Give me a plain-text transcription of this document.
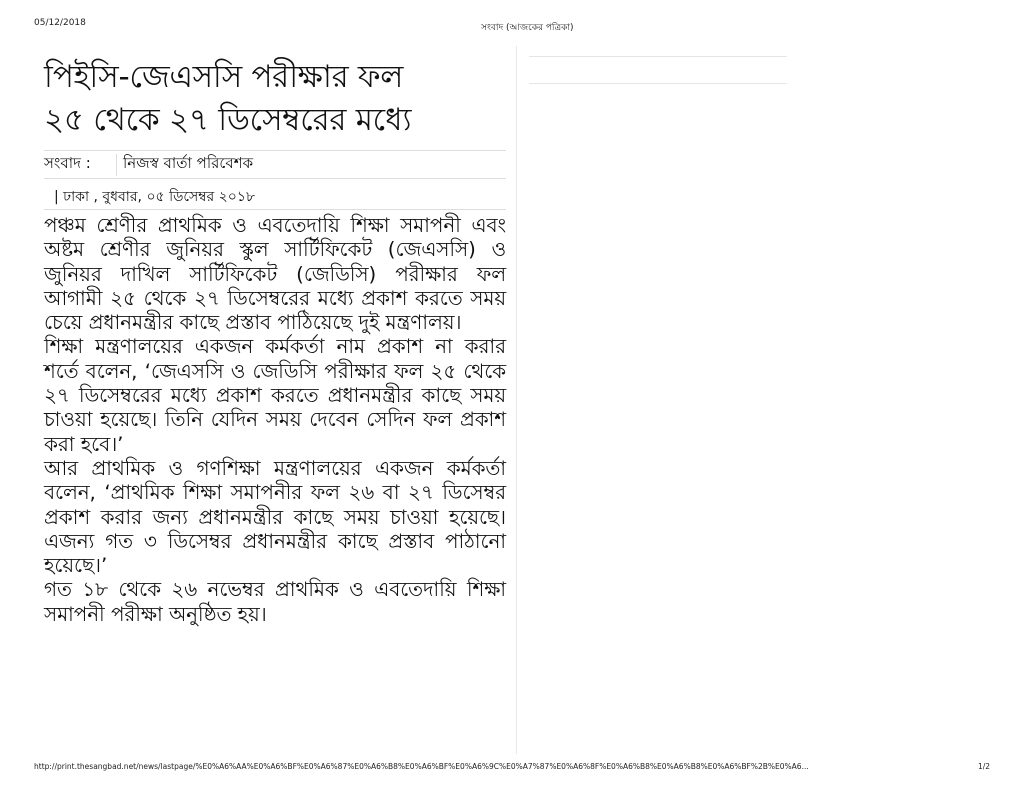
05/12/2018	সংবাদ (আজকের পত্রিকা)
পিইসি-জেএসসি পরীক্ষার ফল
২৫ থেকে ২৭ ডিসেম্বরের মধ্যে
সংবাদ :	নিজস্ব বার্তা পরিবেশক
| ঢাকা , বুধবার, ০৫ ডিসেম্বর ২০১৮

পঞ্চম শ্রেণীর প্রাথমিক ও এবতেদায়ি শিক্ষা সমাপনী এবং অষ্টম শ্রেণীর জুনিয়র স্কুল সার্টিফিকেট (জেএসসি) ও জুনিয়র দাখিল সার্টিফিকেট (জেডিসি) পরীক্ষার ফল আগামী ২৫ থেকে ২৭ ডিসেম্বরের মধ্যে প্রকাশ করতে সময় চেয়ে প্রধানমন্ত্রীর কাছে প্রস্তাব পাঠিয়েছে দুই মন্ত্রণালয়।

শিক্ষা মন্ত্রণালয়ের একজন কর্মকর্তা নাম প্রকাশ না করার শর্তে বলেন, ‘জেএসসি ও জেডিসি পরীক্ষার ফল ২৫ থেকে ২৭ ডিসেম্বরের মধ্যে প্রকাশ করতে প্রধানমন্ত্রীর কাছে সময় চাওয়া হয়েছে। তিনি যেদিন সময় দেবেন সেদিন ফল প্রকাশ করা হবে।’

আর প্রাথমিক ও গণশিক্ষা মন্ত্রণালয়ের একজন কর্মকর্তা বলেন, ‘প্রাথমিক শিক্ষা সমাপনীর ফল ২৬ বা ২৭ ডিসেম্বর প্রকাশ করার জন্য প্রধানমন্ত্রীর কাছে সময় চাওয়া হয়েছে। এজন্য গত ৩ ডিসেম্বর প্রধানমন্ত্রীর কাছে প্রস্তাব পাঠানো হয়েছে।’

গত ১৮ থেকে ২৬ নভেম্বর প্রাথমিক ও এবতেদায়ি শিক্ষা সমাপনী পরীক্ষা অনুষ্ঠিত হয়।

http://print.thesangbad.net/news/lastpage/%E0%A6%AA%E0%A6%BF%E0%A6%87%E0%A6%B8%E0%A6%BF%E0%A6%9C%E0%A7%87%E0%A6%8F%E0%A6%B8%E0%A6%B8%E0%A6%BF%2B%E0%A6...	1/2
